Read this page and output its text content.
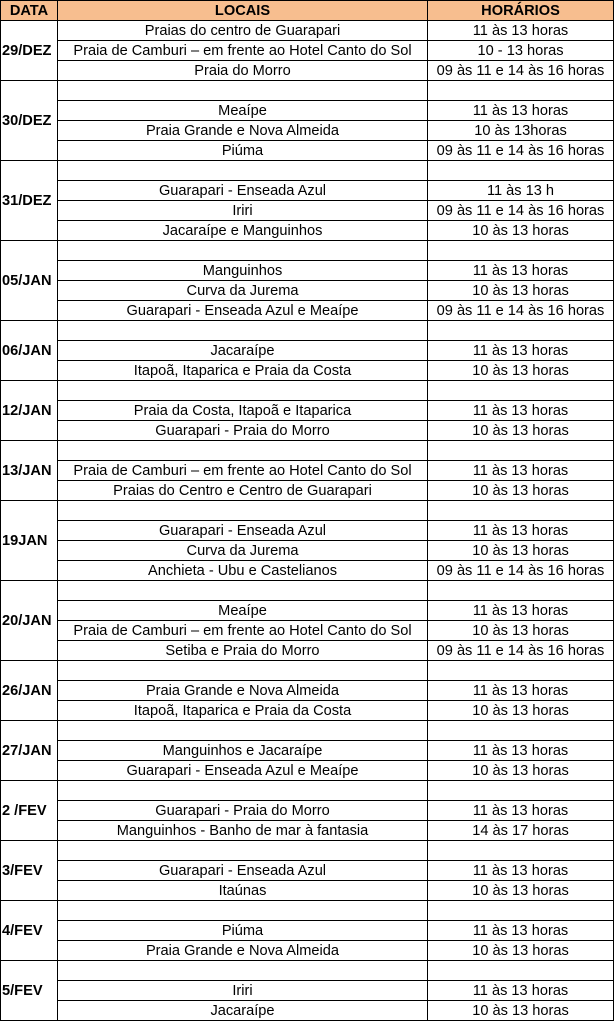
DATA	LOCAIS	HORÁRIOS
29/DEZ	Praias do centro de Guarapari	11 às 13 horas
	Praia de Camburi – em frente ao Hotel Canto do Sol	10 - 13 horas
	Praia do Morro	09 às 11 e 14 às 16 horas
30/DEZ		
	Meaípe	11 às 13 horas
	Praia Grande e Nova Almeida	10 às 13horas
	Piúma	09 às 11 e 14 às 16 horas
31/DEZ		
	Guarapari - Enseada Azul	11 às 13 h
	Iriri	09 às 11 e 14 às 16 horas
	Jacaraípe e Manguinhos	10 às 13 horas
05/JAN		
	Manguinhos	11 às 13 horas
	Curva da Jurema	10 às 13 horas
	Guarapari - Enseada Azul e Meaípe	09 às 11 e 14 às 16 horas
06/JAN		
	Jacaraípe	11 às 13 horas
	Itapoã, Itaparica e Praia da Costa	10 às 13 horas
12/JAN		
	Praia da Costa, Itapoã e Itaparica	11 às 13 horas
	Guarapari - Praia do Morro	10 às 13 horas
13/JAN		
	Praia de Camburi – em frente ao Hotel Canto do Sol	11 às 13 horas
	Praias do Centro e Centro de Guarapari	10 às 13 horas
19JAN		
	Guarapari - Enseada Azul	11 às 13 horas
	Curva da Jurema	10 às 13 horas
	Anchieta - Ubu e Castelianos	09 às 11 e 14 às 16 horas
20/JAN		
	Meaípe	11 às 13 horas
	Praia de Camburi – em frente ao Hotel Canto do Sol	10 às 13 horas
	Setiba e Praia do Morro	09 às 11 e 14 às 16 horas
26/JAN		
	Praia Grande e Nova Almeida	11 às 13 horas
	Itapoã, Itaparica e Praia da Costa	10 às 13 horas
27/JAN		
	Manguinhos e Jacaraípe	11 às 13 horas
	Guarapari - Enseada Azul e Meaípe	10 às 13 horas
2 /FEV		
	Guarapari - Praia do Morro	11 às 13 horas
	Manguinhos - Banho de mar à fantasia	14 às 17 horas
3/FEV		
	Guarapari - Enseada Azul	11 às 13 horas
	Itaúnas	10 às 13 horas
4/FEV		
	Piúma	11 às 13 horas
	Praia Grande e Nova Almeida	10 às 13 horas
5/FEV		
	Iriri	11 às 13 horas
	Jacaraípe	10 às 13 horas
